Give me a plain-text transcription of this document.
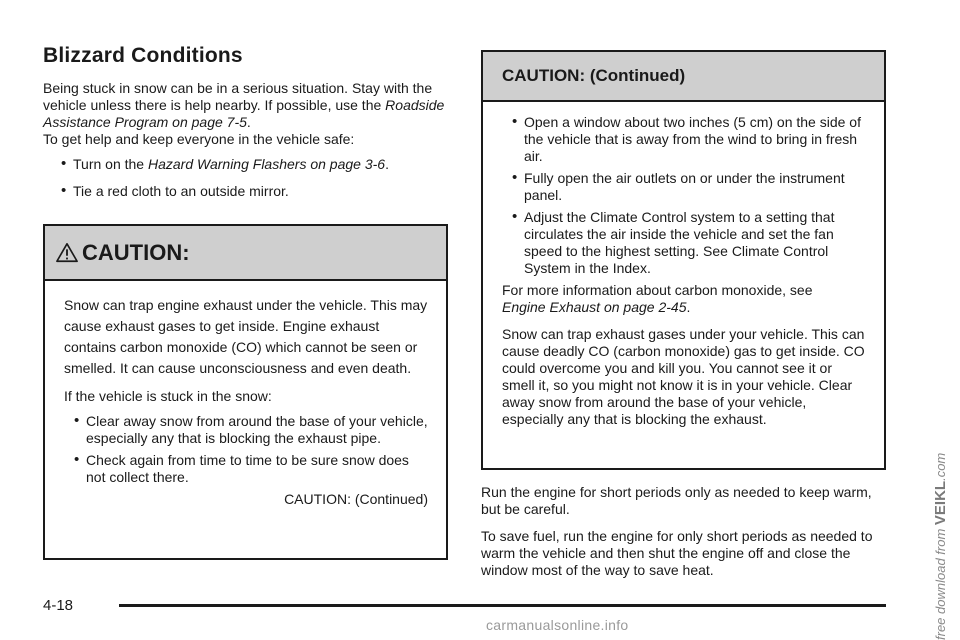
Blizzard Conditions

Being stuck in snow can be in a serious situation. Stay with the vehicle unless there is help nearby. If possible, use the Roadside Assistance Program on page 7-5.
To get help and keep everyone in the vehicle safe:

• Turn on the Hazard Warning Flashers on page 3-6.
• Tie a red cloth to an outside mirror.
CAUTION:

Snow can trap engine exhaust under the vehicle. This may cause exhaust gases to get inside. Engine exhaust contains carbon monoxide (CO) which cannot be seen or smelled. It can cause unconsciousness and even death.

If the vehicle is stuck in the snow:

• Clear away snow from around the base of your vehicle, especially any that is blocking the exhaust pipe.
• Check again from time to time to be sure snow does not collect there.
CAUTION: (Continued)
CAUTION: (Continued)
• Open a window about two inches (5 cm) on the side of the vehicle that is away from the wind to bring in fresh air.
• Fully open the air outlets on or under the instrument panel.
• Adjust the Climate Control system to a setting that circulates the air inside the vehicle and set the fan speed to the highest setting. See Climate Control System in the Index.

For more information about carbon monoxide, see
Engine Exhaust on page 2-45.

Snow can trap exhaust gases under your vehicle. This can cause deadly CO (carbon monoxide) gas to get inside. CO could overcome you and kill you. You cannot see it or smell it, so you might not know it is in your vehicle. Clear away snow from around the base of your vehicle, especially any that is blocking the exhaust.

Run the engine for short periods only as needed to keep warm, but be careful.

To save fuel, run the engine for only short periods as needed to warm the vehicle and then shut the engine off and close the window most of the way to save heat.

4-18	free download from VEIKL.com
carmanualsonline.info
